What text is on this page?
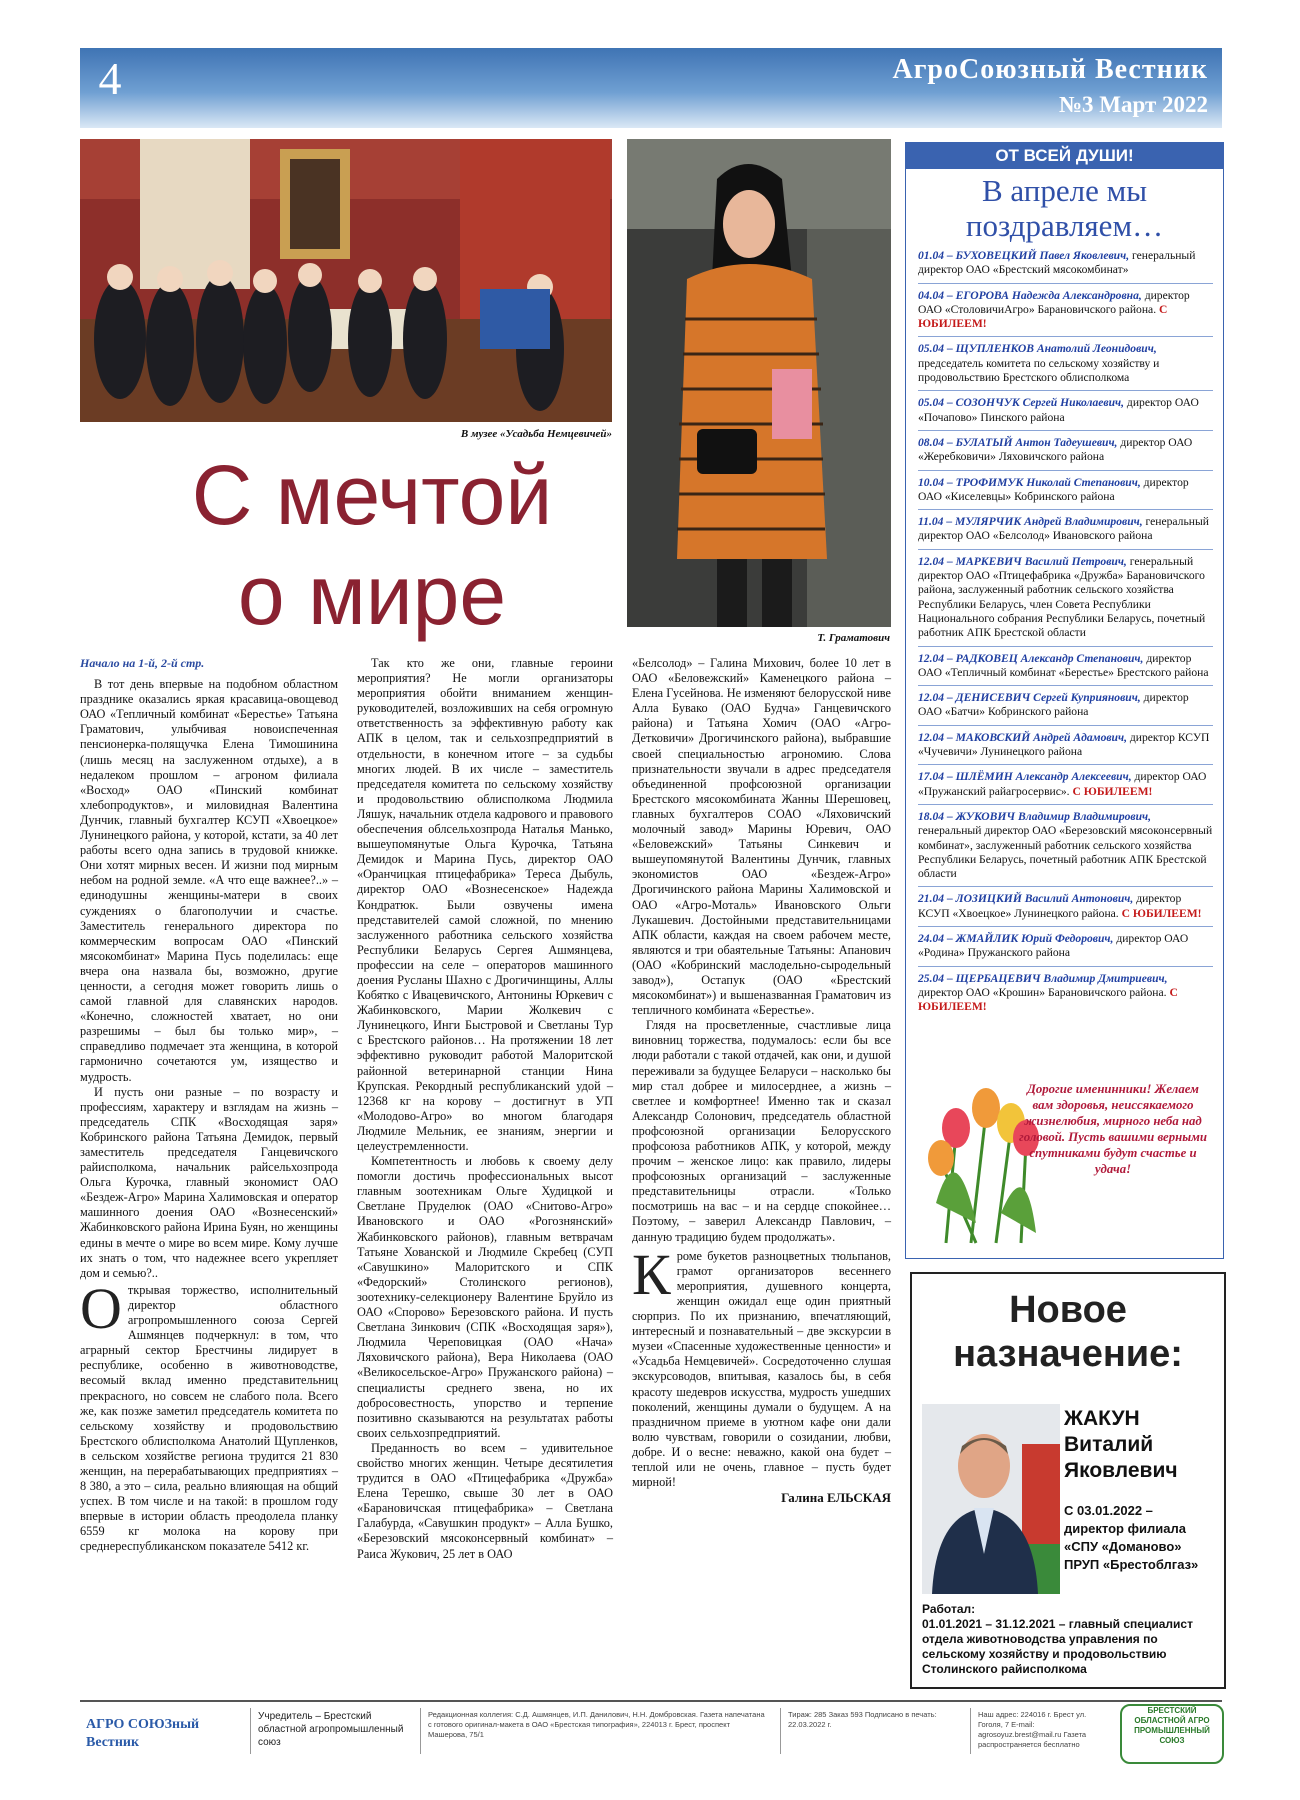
4	АгроСоюзный Вестник
№3 Март 2022
В музее «Усадьба Немцевичей»
Т. Граматович
С мечтой
о мире
Начало на 1-й, 2-й стр.

В тот день впервые на подобном областном празднике оказались яркая красавица-овощевод ОАО «Тепличный комбинат «Берестье» Татьяна Граматович, улыбчивая новоиспеченная пенсионерка-полящучка Елена Тимошинина (лишь месяц на заслуженном отдыхе), а в недалеком прошлом – агроном филиала «Восход» ОАО «Пинский комбинат хлебопродуктов», и миловидная Валентина Дунчик, главный бухгалтер КСУП «Хвоецкое» Лунинецкого района, у которой, кстати, за 40 лет работы всего одна запись в трудовой книжке. Они хотят мирных весен. И жизни под мирным небом на родной земле. «А что еще важнее?..» – единодушны женщины-матери в своих суждениях о благополучии и счастье. Заместитель генерального директора по коммерческим вопросам ОАО «Пинский мясокомбинат» Марина Пусь поделилась: еще вчера она назвала бы, возможно, другие ценности, а сегодня может говорить лишь о самой главной для славянских народов. «Конечно, сложностей хватает, но они разрешимы – был бы только мир», – справедливо подмечает эта женщина, в которой гармонично сочетаются ум, изящество и мудрость.

И пусть они разные – по возрасту и профессиям, характеру и взглядам на жизнь – председатель СПК «Восходящая заря» Кобринского района Татьяна Демидок, первый заместитель председателя Ганцевичского райисполкома, начальник райсельхозпрода Ольга Курочка, главный экономист ОАО «Бездеж-Агро» Марина Халимовская и оператор машинного доения ОАО «Вознесенский» Жабинковского района Ирина Буян, но женщины едины в мечте о мире во всем мире. Кому лучше их знать о том, что надежнее всего укрепляет дом и семью?..

Открывая торжество, исполнительный директор областного агропромышленного союза Сергей Ашмянцев подчеркнул: в том, что аграрный сектор Брестчины лидирует в республике, особенно в животноводстве, весомый вклад именно представительниц прекрасного, но совсем не слабого пола. Всего же, как позже заметил председатель комитета по сельскому хозяйству и продовольствию Брестского облисполкома Анатолий Щупленков, в сельском хозяйстве региона трудится 21 830 женщин, на перерабатывающих предприятиях – 8 380, а это – сила, реально влияющая на общий успех. В том числе и на такой: в прошлом году впервые в истории область преодолела планку 6559 кг молока на корову при среднереспубликанском показателе 5412 кг.

Так кто же они, главные героини мероприятия? Не могли организаторы мероприятия обойти вниманием женщин-руководителей, возложивших на себя огромную ответственность за эффективную работу как АПК в целом, так и сельхозпредприятий в отдельности, в конечном итоге – за судьбы многих людей. В их числе – заместитель председателя комитета по сельскому хозяйству и продовольствию облисполкома Людмила Ляшук, начальник отдела кадрового и правового обеспечения облсельхозпрода Наталья Манько, вышеупомянутые Ольга Курочка, Татьяна Демидок и Марина Пусь, директор ОАО «Оранчицкая птицефабрика» Тереса Дыбуль, директор ОАО «Вознесенское» Надежда Кондратюк. Были озвучены имена представителей самой сложной, по мнению заслуженного работника сельского хозяйства Республики Беларусь Сергея Ашмянцева, профессии на селе – операторов машинного доения Русланы Шахно с Дрогичинщины, Аллы Кобятко с Ивацевичского, Антонины Юркевич с Жабинковского, Марии Жолкевич с Лунинецкого, Инги Быстровой и Светланы Тур с Брестского районов… На протяжении 18 лет эффективно руководит работой Малоритской районной ветеринарной станции Нина Крупская. Рекордный республиканский удой – 12368 кг на корову – достигнут в УП «Молодово-Агро» во многом благодаря Людмиле Мельник, ее знаниям, энергии и целеустремленности.

Компетентность и любовь к своему делу помогли достичь профессиональных высот главным зоотехникам Ольге Худицкой и Светлане Пруделюк (ОАО «Снитово-Агро» Ивановского и ОАО «Рогознянский» Жабинковского районов), главным ветврачам Татьяне Хованской и Людмиле Скребец (СУП «Савушкино» Малоритского и СПК «Федорский» Столинского регионов), зоотехнику-селекционеру Валентине Бруйло из ОАО «Спорово» Березовского района. И пусть Светлана Зинкович (СПК «Восходящая заря»), Людмила Череповицкая (ОАО «Нача» Ляховичского района), Вера Николаева (ОАО «Великосельское-Агро» Пружанского района) – специалисты среднего звена, но их добросовестность, упорство и терпение позитивно сказываются на результатах работы своих сельхозпредприятий.

Преданность во всем – удивительное свойство многих женщин. Четыре десятилетия трудится в ОАО «Птицефабрика «Дружба» Елена Терешко, свыше 30 лет в ОАО «Барановичская птицефабрика» – Светлана Галабурда, «Савушкин продукт» – Алла Бушко, «Березовский мясоконсервный комбинат» – Раиса Жукович, 25 лет в ОАО

«Белсолод» – Галина Михович, более 10 лет в ОАО «Беловежский» Каменецкого района – Елена Гусейнова. Не изменяют белорусской ниве Алла Бувако (ОАО Будча» Ганцевичского района) и Татьяна Хомич (ОАО «Агро-Детковичи» Дрогичинского района), выбравшие своей специальностью агрономию. Слова признательности звучали в адрес председателя объединенной профсоюзной организации Брестского мясокомбината Жанны Шерешовец, главных бухгалтеров СОАО «Ляховичский молочный завод» Марины Юревич, ОАО «Беловежский» Татьяны Синкевич и вышеупомянутой Валентины Дунчик, главных экономистов ОАО «Бездеж-Агро» Дрогичинского района Марины Халимовской и ОАО «Агро-Моталь» Ивановского Ольги Лукашевич. Достойными представительницами АПК области, каждая на своем рабочем месте, являются и три обаятельные Татьяны: Апанович (ОАО «Кобринский маслодельно-сыродельный завод»), Остапук (ОАО «Брестский мясокомбинат») и вышеназванная Граматович из тепличного комбината «Берестье».

Глядя на просветленные, счастливые лица виновниц торжества, подумалось: если бы все люди работали с такой отдачей, как они, и душой переживали за будущее Беларуси – насколько бы мир стал добрее и милосерднее, а жизнь – светлее и комфортнее! Именно так и сказал Александр Солонович, председатель областной профсоюзной организации Белорусского профсоюза работников АПК, у которой, между прочим – женское лицо: как правило, лидеры профсоюзных организаций – заслуженные представительницы отрасли. «Только посмотришь на вас – и на сердце спокойнее… Поэтому, – заверил Александр Павлович, – данную традицию будем продолжать».

Кроме букетов разноцветных тюльпанов, грамот организаторов весеннего мероприятия, душевного концерта, женщин ожидал еще один приятный сюрприз. По их признанию, впечатляющий, интересный и познавательный – две экскурсии в музеи «Спасенные художественные ценности» и «Усадьба Немцевичей». Сосредоточенно слушая экскурсоводов, впитывая, казалось бы, в себя красоту шедевров искусства, мудрость ушедших поколений, женщины думали о будущем. А на праздничном приеме в уютном кафе они дали волю чувствам, говорили о созидании, любви, добре. И о весне: неважно, какой она будет – теплой или не очень, главное – пусть будет мирной!

Галина ЕЛЬСКАЯ
ОТ ВСЕЙ ДУШИ!
В апреле мы поздравляем…
01.04 – БУХОВЕЦКИЙ Павел Яковлевич, генеральный директор ОАО «Брестский мясокомбинат»
04.04 – ЕГОРОВА Надежда Александровна, директор ОАО «СтоловичиАгро» Барановичского района. С ЮБИЛЕЕМ!
05.04 – ЩУПЛЕНКОВ Анатолий Леонидович, председатель комитета по сельскому хозяйству и продовольствию Брестского облисполкома
05.04 – СОЗОНЧУК Сергей Николаевич, директор ОАО «Почапово» Пинского района
08.04 – БУЛАТЫЙ Антон Тадеушевич, директор ОАО «Жеребковичи» Ляховичского района
10.04 – ТРОФИМУК Николай Степанович, директор ОАО «Киселевцы» Кобринского района
11.04 – МУЛЯРЧИК Андрей Владимирович, генеральный директор ОАО «Белсолод» Ивановского района
12.04 – МАРКЕВИЧ Василий Петрович, генеральный директор ОАО «Птицефабрика «Дружба» Барановичского района, заслуженный работник сельского хозяйства Республики Беларусь, член Совета Республики Национального собрания Республики Беларусь, почетный работник АПК Брестской области
12.04 – РАДКОВЕЦ Александр Степанович, директор ОАО «Тепличный комбинат «Берестье» Брестского района
12.04 – ДЕНИСЕВИЧ Сергей Куприянович, директор ОАО «Батчи» Кобринского района
12.04 – МАКОВСКИЙ Андрей Адамович, директор КСУП «Чучевичи» Лунинецкого района
17.04 – ШЛЁМИН Александр Алексеевич, директор ОАО «Пружанский райагросервис». С ЮБИЛЕЕМ!
18.04 – ЖУКОВИЧ Владимир Владимирович, генеральный директор ОАО «Березовский мясоконсервный комбинат», заслуженный работник сельского хозяйства Республики Беларусь, почетный работник АПК Брестской области
21.04 – ЛОЗИЦКИЙ Василий Антонович, директор КСУП «Хвоецкое» Лунинецкого района. С ЮБИЛЕЕМ!
24.04 – ЖМАЙЛИК Юрий Федорович, директор ОАО «Родина» Пружанского района
25.04 – ЩЕРБАЦЕВИЧ Владимир Дмитриевич, директор ОАО «Крошин» Барановичского района. С ЮБИЛЕЕМ!
Дорогие именинники! Желаем вам здоровья, неиссякаемого жизнелюбия, мирного неба над головой. Пусть вашими верными спутниками будут счастье и удача!
Новое
назначение:
ЖАКУН
Виталий
Яковлевич
С 03.01.2022 – директор филиала «СПУ «Доманово» ПРУП «Брестоблгаз»
Работал:
01.01.2021 – 31.12.2021 – главный специалист отдела животноводства управления по сельскому хозяйству и продовольствию Столинского райисполкома
АГРО СОЮЗный Вестник
Учредитель – Брестский областной агропромышленный союз
Редакционная коллегия: С.Д. Ашмянцев, И.П. Данилович, Н.Н. Домбровская. Газета напечатана с готового оригинал-макета в ОАО «Брестская типография», 224013 г. Брест, проспект Машерова, 75/1
Тираж: 285 Заказ 593 Подписано в печать: 22.03.2022 г.
Наш адрес: 224016 г. Брест ул. Гоголя, 7 E-mail: agrosoyuz.brest@mail.ru Газета распространяется бесплатно
БРЕСТСКИЙ ОБЛАСТНОЙ АГРО ПРОМЫШЛЕННЫЙ СОЮЗ
